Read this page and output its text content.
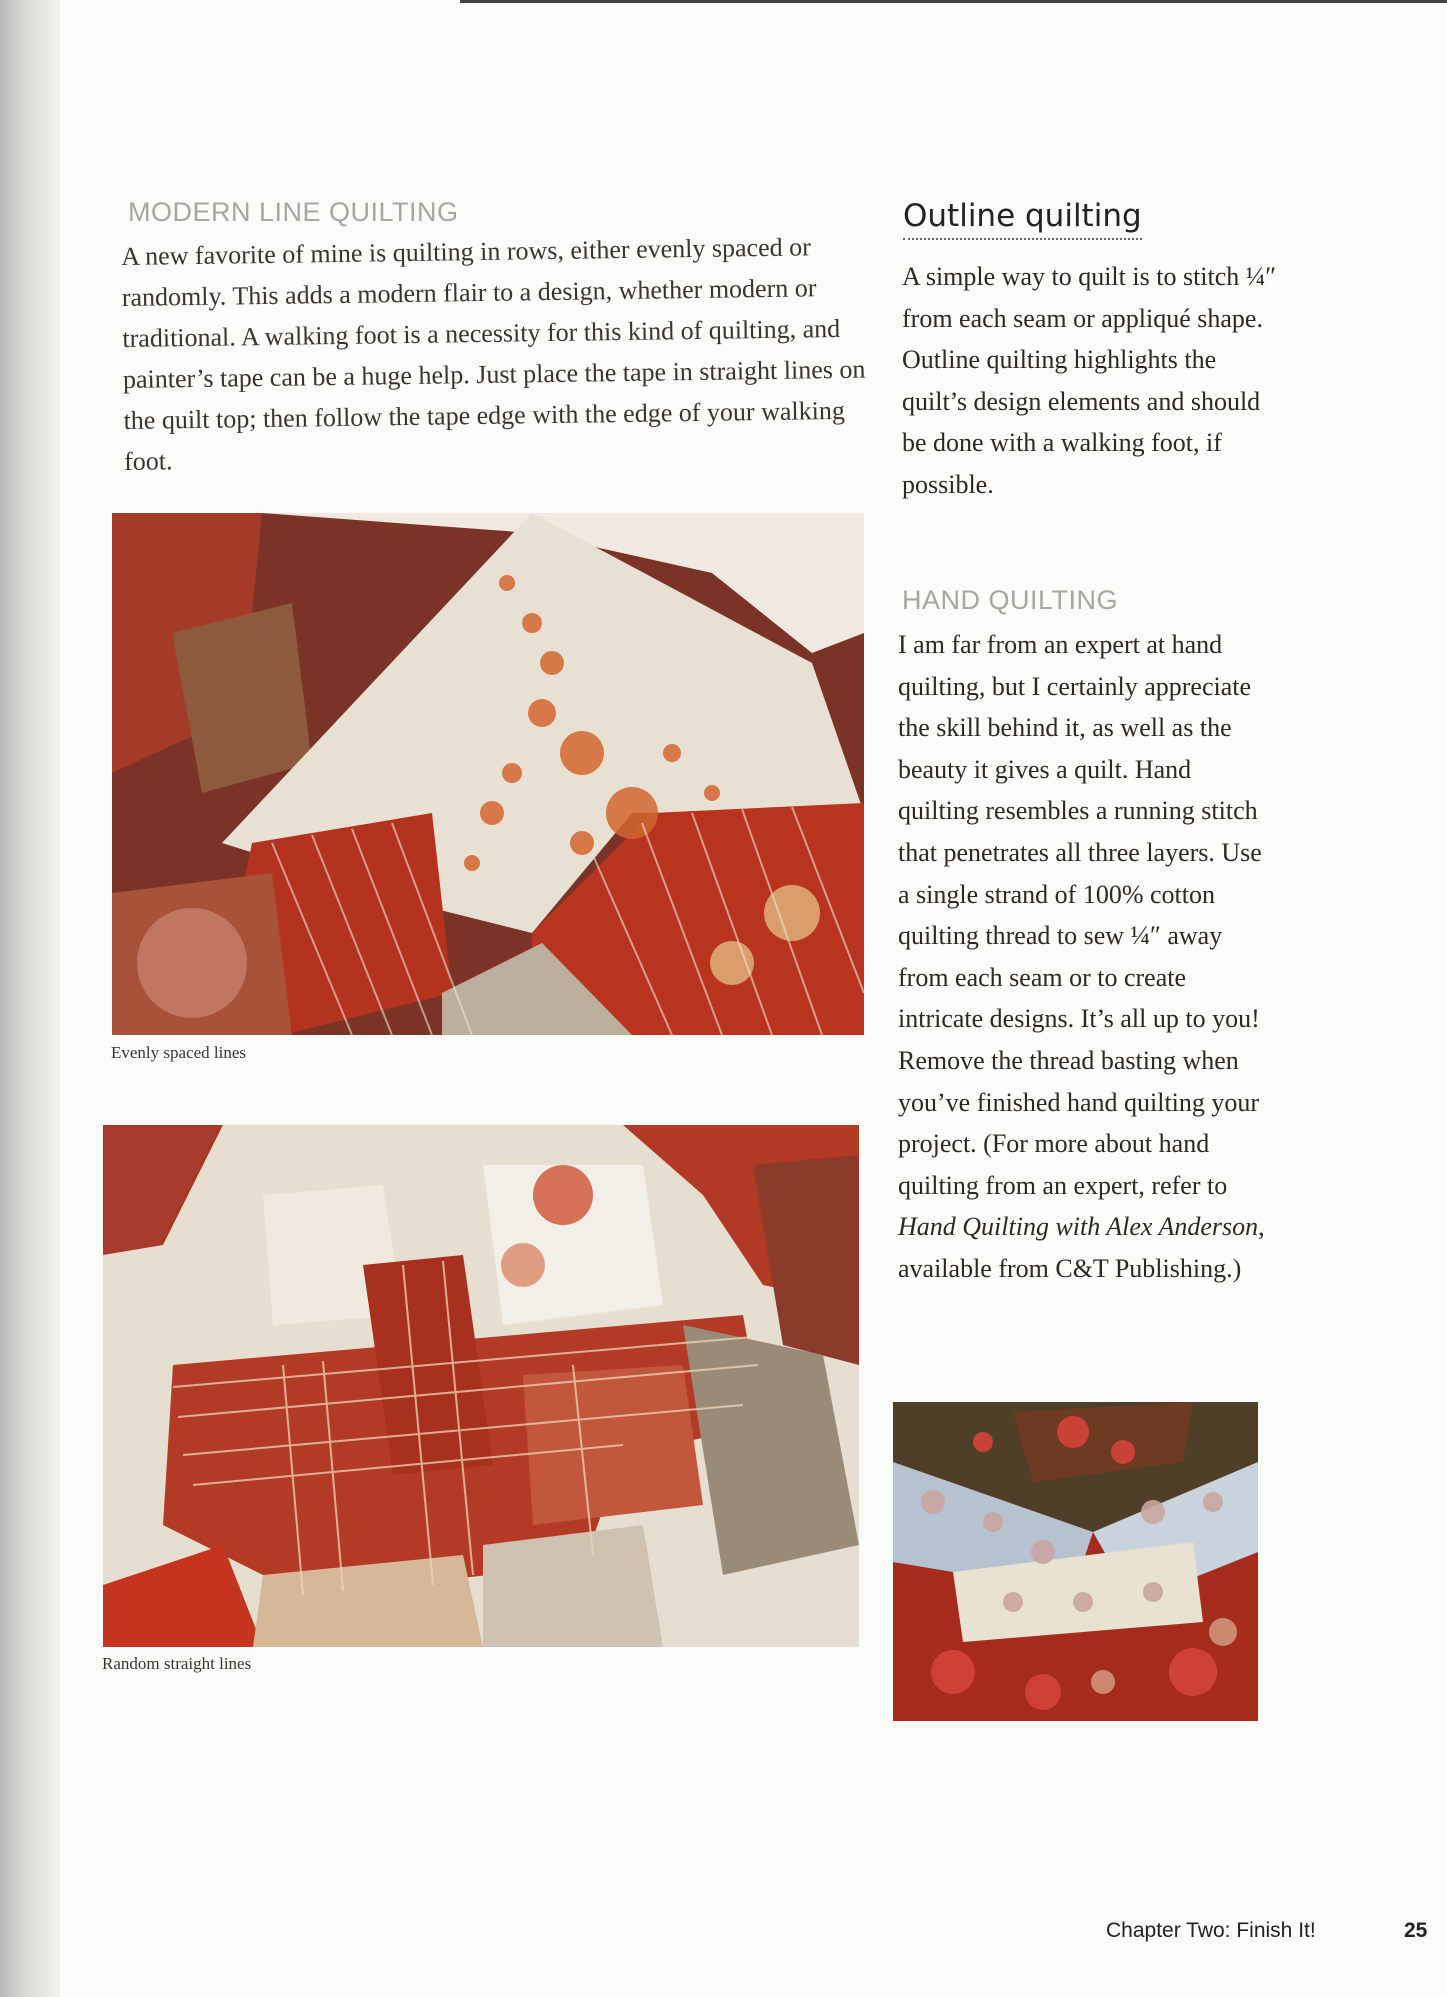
MODERN LINE QUILTING

A new favorite of mine is quilting in rows, either evenly spaced or randomly. This adds a modern flair to a design, whether modern or traditional. A walking foot is a necessity for this kind of quilting, and painter’s tape can be a huge help. Just place the tape in straight lines on the quilt top; then follow the tape edge with the edge of your walking foot.

Evenly spaced lines

Random straight lines

Outline quilting

A simple way to quilt is to stitch ¼″ from each seam or appliqué shape. Outline quilting highlights the quilt’s design elements and should be done with a walking foot, if possible.

HAND QUILTING

I am far from an expert at hand quilting, but I certainly appreciate the skill behind it, as well as the beauty it gives a quilt. Hand quilting resembles a running stitch that penetrates all three layers. Use a single strand of 100% cotton quilting thread to sew ¼″ away from each seam or to create intricate designs. It’s all up to you! Remove the thread basting when you’ve finished hand quilting your project. (For more about hand quilting from an expert, refer to Hand Quilting with Alex Anderson, available from C&T Publishing.)

Chapter Two: Finish It!	25
